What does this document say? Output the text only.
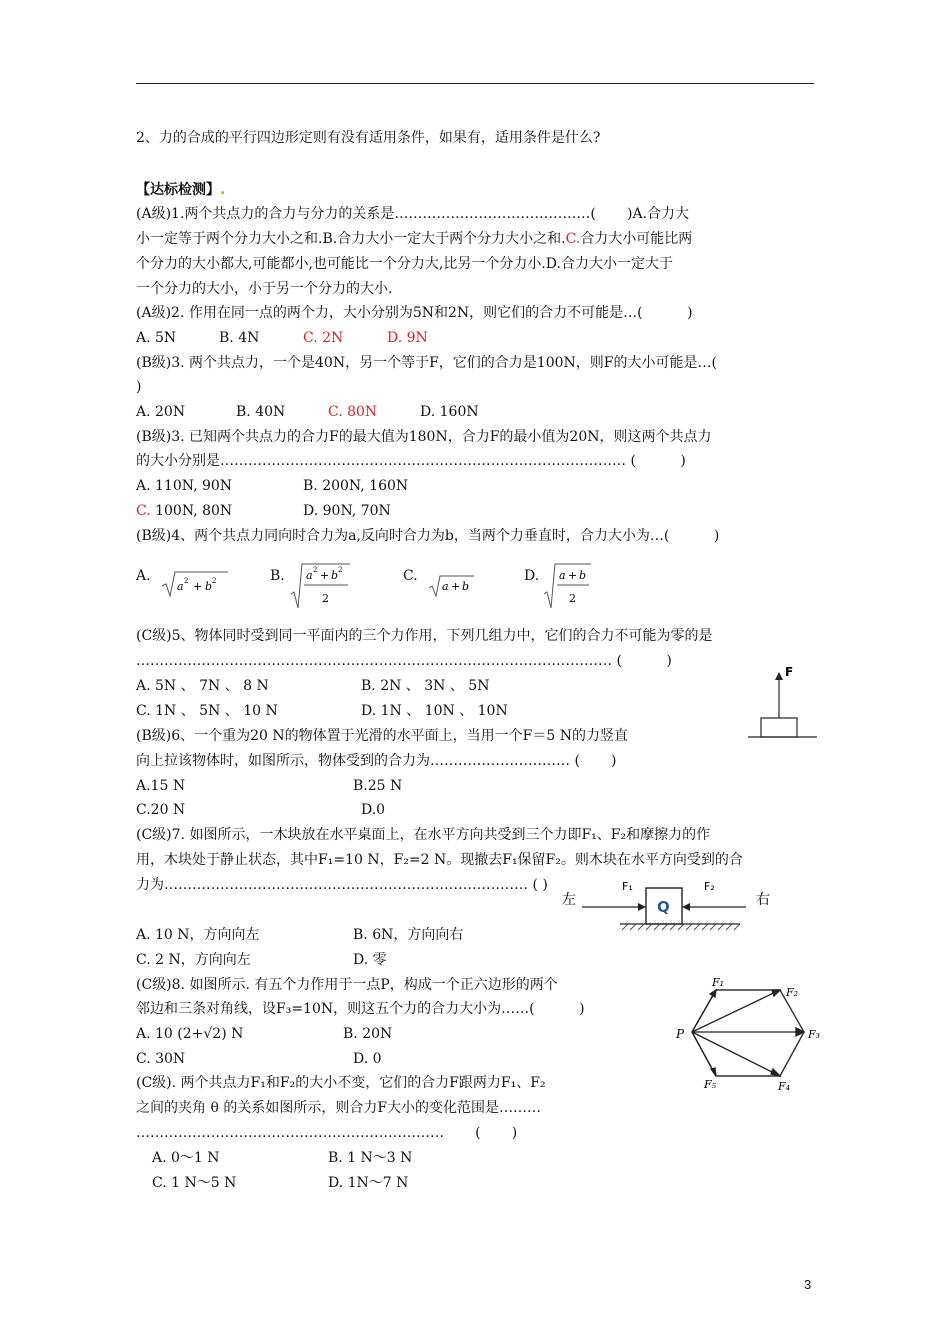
2、力的合成的平行四边形定则有没有适用条件，如果有，适用条件是什么?
【达标检测】.
(A级)1.两个共点力的合力与分力的关系是……………………………………(       )A.合力大
小一定等于两个分力大小之和.B.合力大小一定大于两个分力大小之和.C.合力大小可能比两
个分力的大小都大,可能都小,也可能比一个分力大,比另一个分力小.D.合力大小一定大于
一个分力的大小，小于另一个分力的大小.
(A级)2. 作用在同一点的两个力，大小分别为5N和2N，则它们的合力不可能是…(          )
A. 5N	B. 4N	C. 2N	D. 9N
(B级)3. 两个共点力，一个是40N，另一个等于F，它们的合力是100N，则F的大小可能是…(
)
A. 20N	B. 40N	C. 80N	D. 160N
(B级)3. 已知两个共点力的合力F的最大值为180N，合力F的最小值为20N，则这两个共点力
的大小分别是…………………………………………………………………………… (          )
A. 110N, 90N	B. 200N, 160N
C. 100N, 80N	D. 90N, 70N
(B级)4、两个共点力同向时合力为a,反向时合力为b，当两个力垂直时，合力大小为…(          )
A.	B.	C.	D.
a 2 + b 2	a 2 + b 2
2
a + b
a + b
2
(C级)5、物体同时受到同一平面内的三个力作用，下列几组力中，它们的合力不可能为零的是
………………………………………………………………………………………… (          )
A. 5N 、 7N 、 8 N	B. 2N 、 3N 、 5N
C. 1N 、 5N 、 10 N	D. 1N 、 10N 、 10N
F
(B级)6、一个重为20 N的物体置于光滑的水平面上，当用一个F＝5 N的力竖直
向上拉该物体时，如图所示，物体受到的合力为………………………… (       )
A.15 N	B.25 N
C.20 N	D.0
(C级)7. 如图所示，一木块放在水平桌面上，在水平方向共受到三个力即F₁、F₂和摩擦力的作
用，木块处于静止状态，其中F₁=10 N，F₂=2 N。现撤去F₁保留F₂。则木块在水平方向受到的合
力为…………………………………………………………………… ( )
左	右
F₁	F₂
Q
A. 10 N，方向向左	B. 6N，方向向右
C. 2 N，方向向左	D. 零
(C级)8. 如图所示. 有五个力作用于一点P，构成一个正六边形的两个
邻边和三条对角线，设F₃=10N，则这五个力的合力大小为……(          )
A. 10 (2+√2) N	B. 20N
C. 30N	D. 0
P
F₁
F₂
F₃
F₄
F₅
(C级). 两个共点力F₁和F₂的大小不变，它们的合力F跟两力F₁、F₂
之间的夹角 θ 的关系如图所示，则合力F大小的变化范围是………
…………………………………………………………       (       )
A. 0～1 N	B. 1 N～3 N
C. 1 N～5 N	D. 1N～7 N
3
